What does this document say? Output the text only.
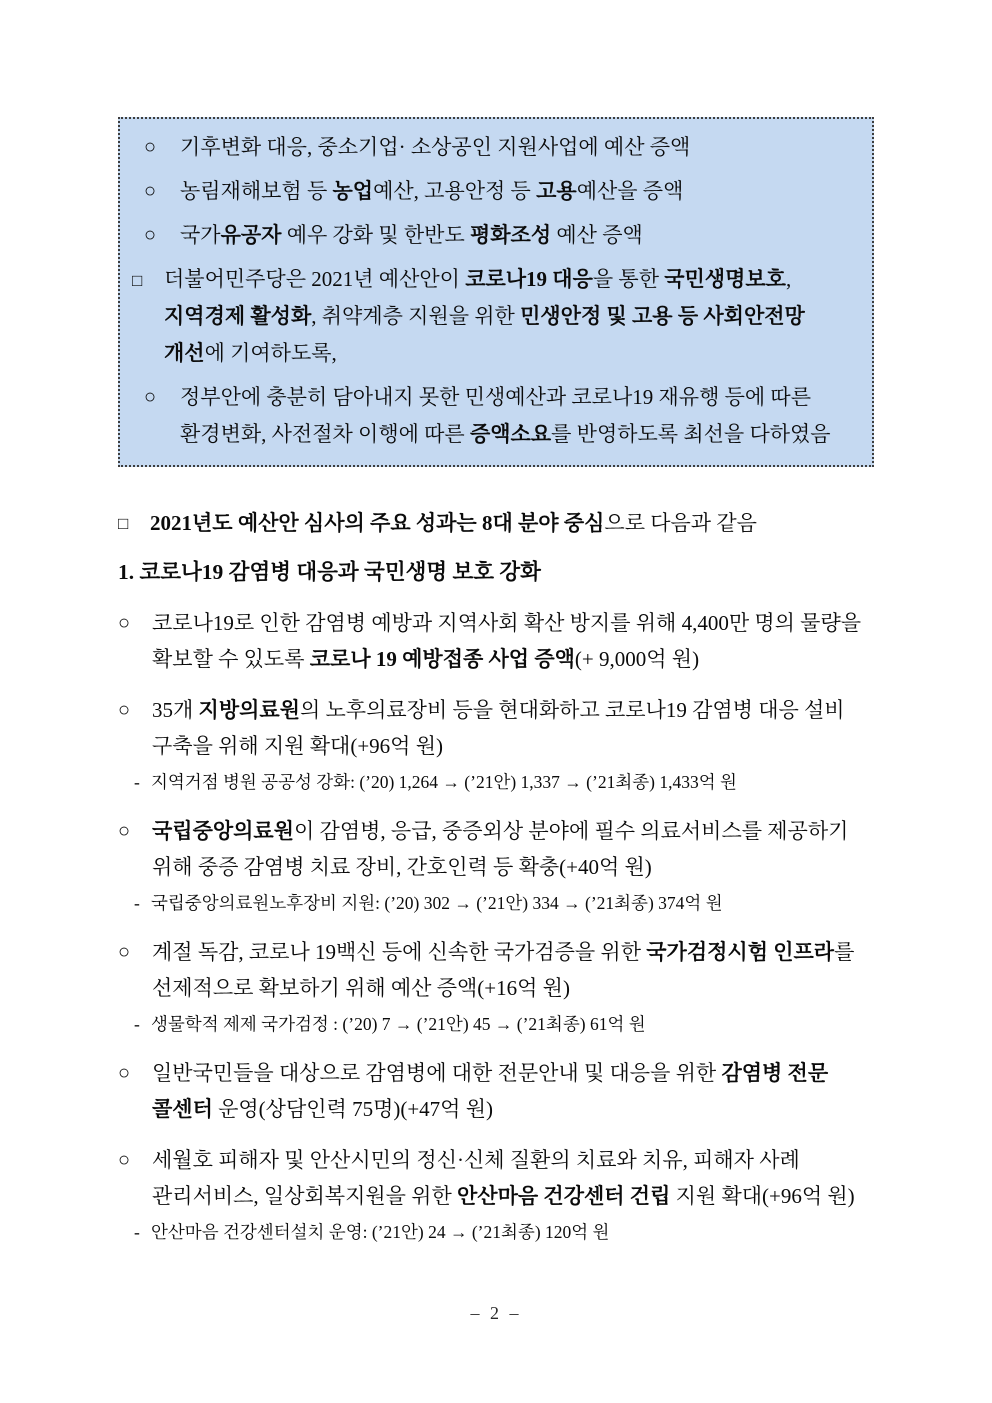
○	기후변화 대응, 중소기업· 소상공인 지원사업에 예산 증액
○	농림재해보험 등 농업예산, 고용안정 등 고용예산을 증액
○	국가유공자 예우 강화 및 한반도 평화조성 예산 증액
□	더불어민주당은 2021년 예산안이 코로나19 대응을 통한 국민생명보호, 지역경제 활성화, 취약계층 지원을 위한 민생안정 및 고용 등 사회안전망 개선에 기여하도록,
○	정부안에 충분히 담아내지 못한 민생예산과 코로나19 재유행 등에 따른 환경변화, 사전절차 이행에 따른 증액소요를 반영하도록 최선을 다하였음
□	2021년도 예산안 심사의 주요 성과는 8대 분야 중심으로 다음과 같음
1. 코로나19 감염병 대응과 국민생명 보호 강화
○	코로나19로 인한 감염병 예방과 지역사회 확산 방지를 위해 4,400만 명의 물량을 확보할 수 있도록 코로나 19 예방접종 사업 증액(+ 9,000억 원)
○	35개 지방의료원의 노후의료장비 등을 현대화하고 코로나19 감염병 대응 설비 구축을 위해 지원 확대(+96억 원)
- 지역거점 병원 공공성 강화: (’20) 1,264 → (’21안) 1,337 → (’21최종) 1,433억 원
○	국립중앙의료원이 감염병, 응급, 중증외상 분야에 필수 의료서비스를 제공하기 위해 중증 감염병 치료 장비, 간호인력 등 확충(+40억 원)
- 국립중앙의료원노후장비 지원: (’20) 302 → (’21안) 334 → (’21최종) 374억 원
○	계절 독감, 코로나 19백신 등에 신속한 국가검증을 위한 국가검정시험 인프라를 선제적으로 확보하기 위해 예산 증액(+16억 원)
- 생물학적 제제 국가검정 : (’20) 7 → (’21안) 45 → (’21최종) 61억 원
○	일반국민들을 대상으로 감염병에 대한 전문안내 및 대응을 위한 감염병 전문 콜센터 운영(상담인력 75명)(+47억 원)
○	세월호 피해자 및 안산시민의 정신·신체 질환의 치료와 치유, 피해자 사례 관리서비스, 일상회복지원을 위한 안산마음 건강센터 건립 지원 확대(+96억 원)
- 안산마음 건강센터설치 운영: (’21안) 24 → (’21최종) 120억 원
– 2 –
